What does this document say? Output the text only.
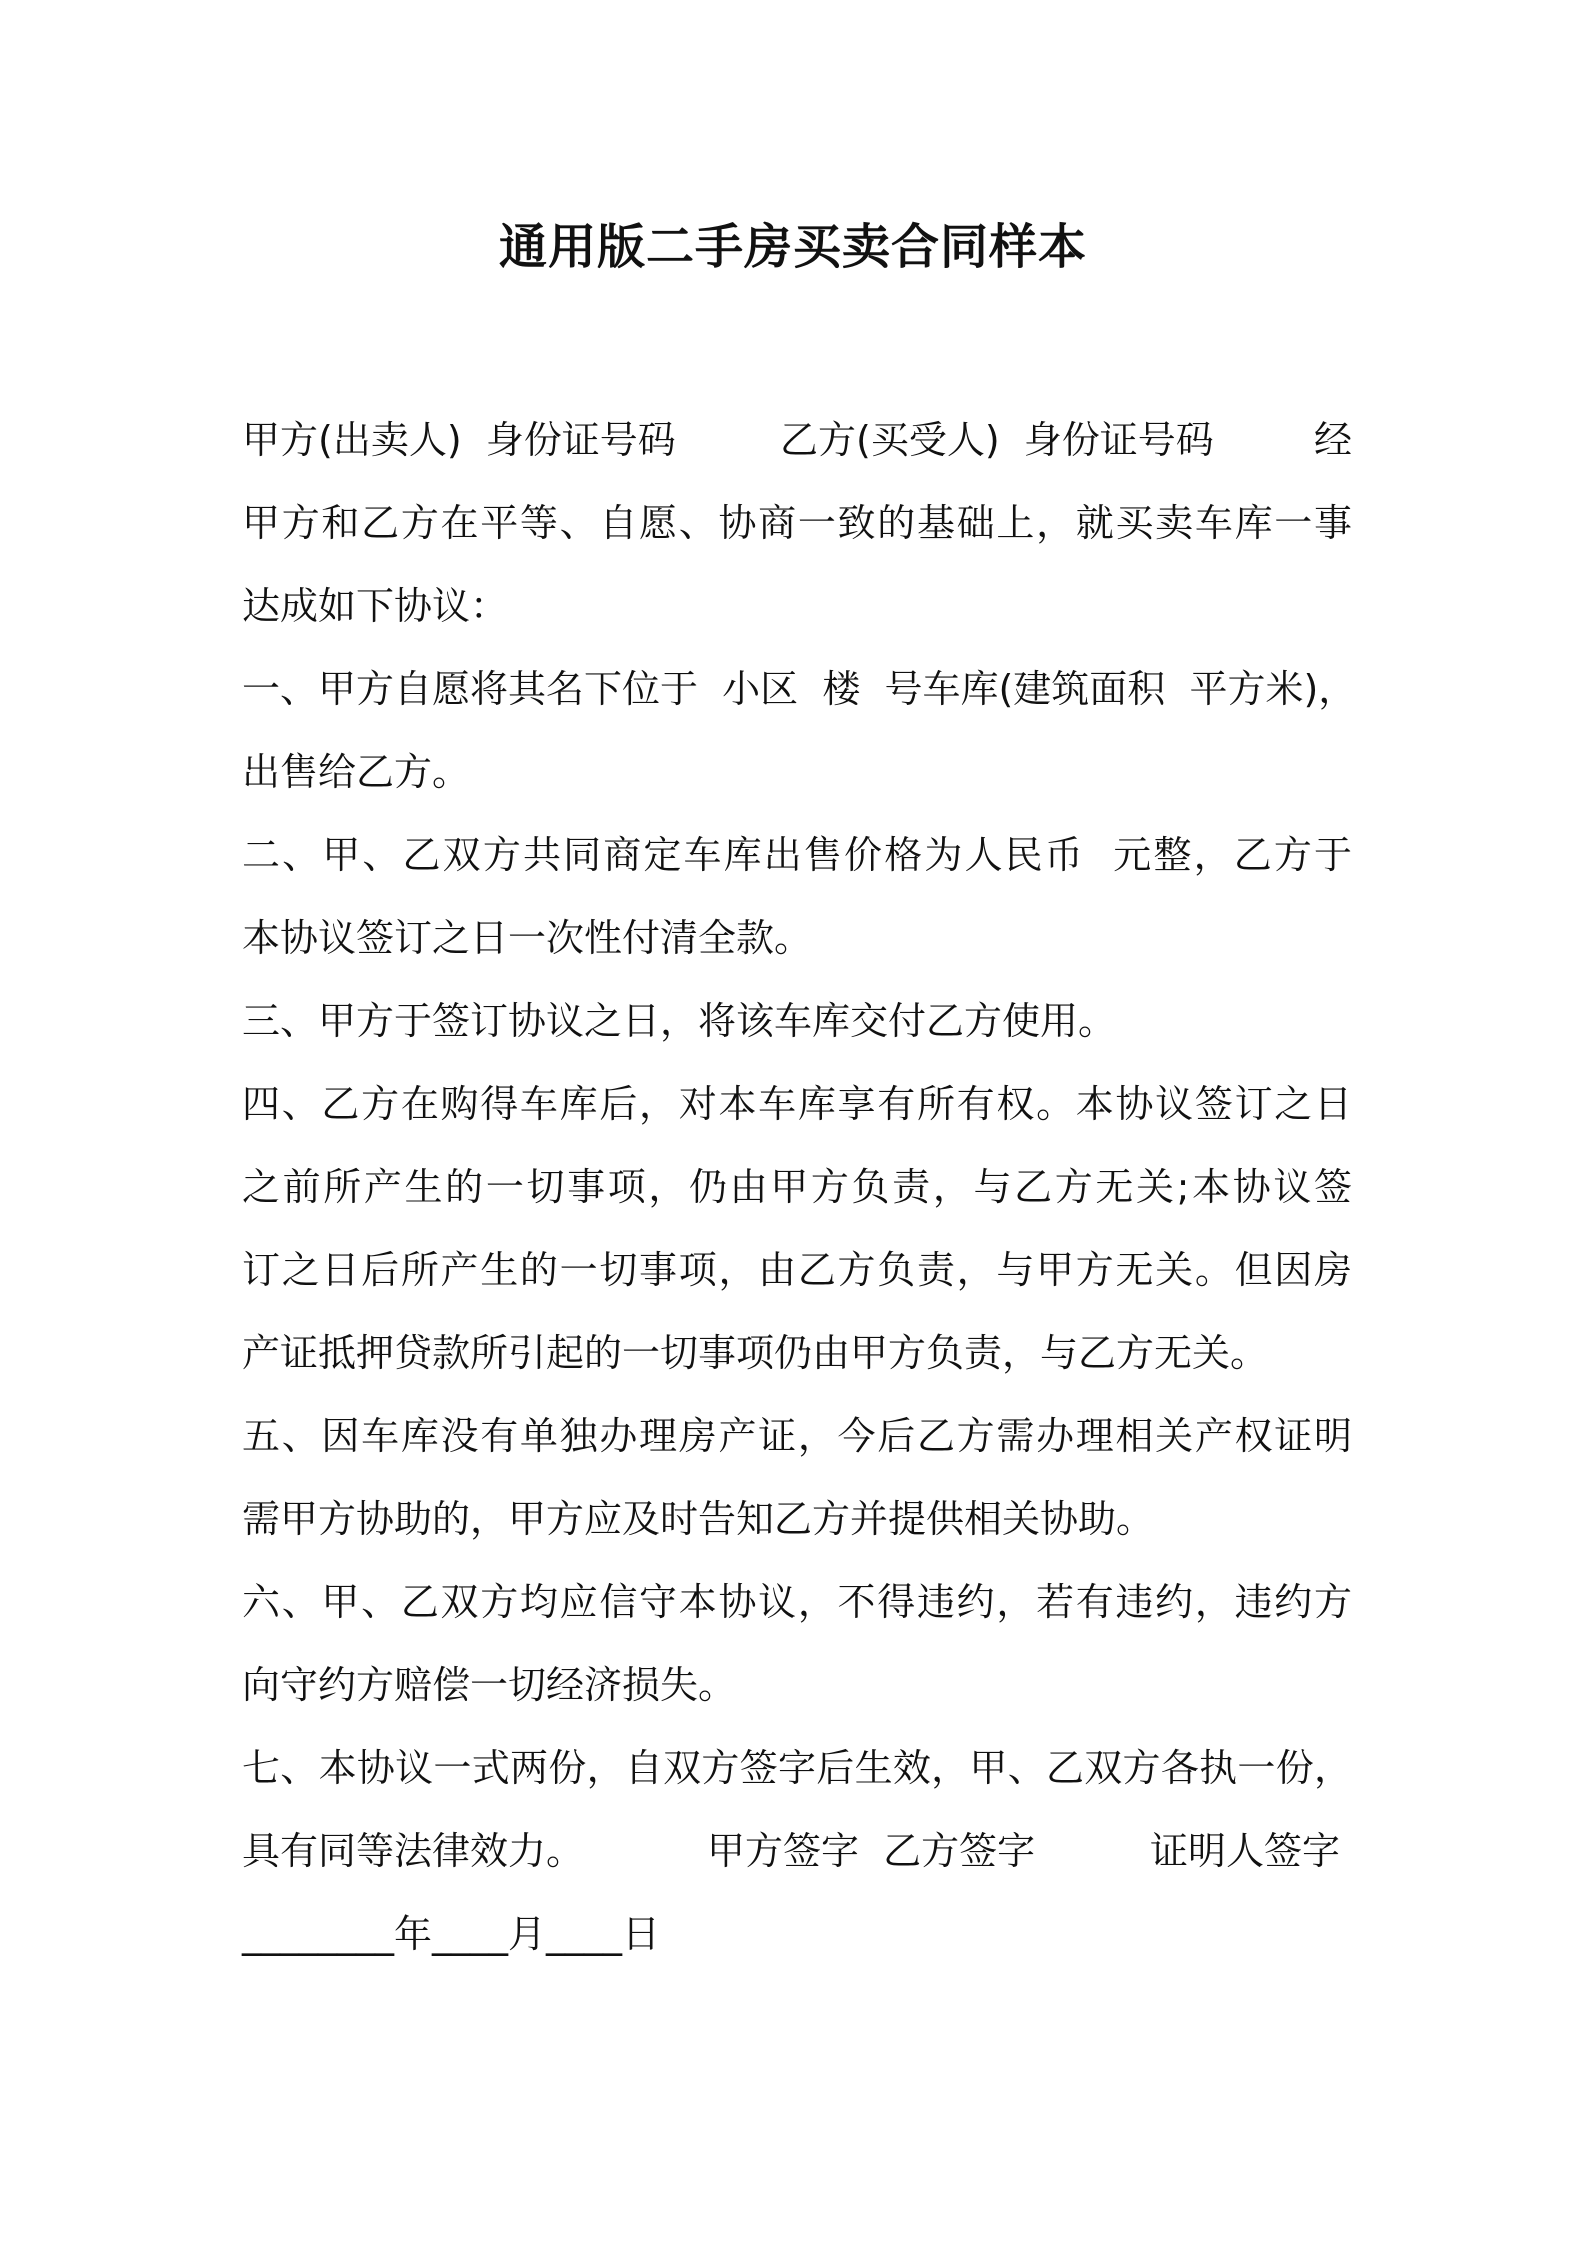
通用版二手房买卖合同样本

甲方(出卖人)  身份证号码

	乙方(买受人)  身份证号码

	经

甲方和乙方在平等、自愿、协商一致的基础上，就买卖车库一事
达成如下协议：
一、甲方自愿将其名下位于  小区  楼  号车库(建筑面积  平方米)，
出售给乙方。
二、甲、乙双方共同商定车库出售价格为人民币  元整，乙方于
本协议签订之日一次性付清全款。
三、甲方于签订协议之日，将该车库交付乙方使用。
四、乙方在购得车库后，对本车库享有所有权。本协议签订之日
之前所产生的一切事项，仍由甲方负责，与乙方无关;本协议签
订之日后所产生的一切事项，由乙方负责，与甲方无关。但因房
产证抵押贷款所引起的一切事项仍由甲方负责，与乙方无关。
五、因车库没有单独办理房产证，今后乙方需办理相关产权证明
需甲方协助的，甲方应及时告知乙方并提供相关协助。
六、甲、乙双方均应信守本协议，不得违约，若有违约，违约方
向守约方赔偿一切经济损失。
七、本协议一式两份，自双方签字后生效，甲、乙双方各执一份，

具有同等法律效力。

	甲方签字  乙方签字

	证明人签字

________年____月____日
